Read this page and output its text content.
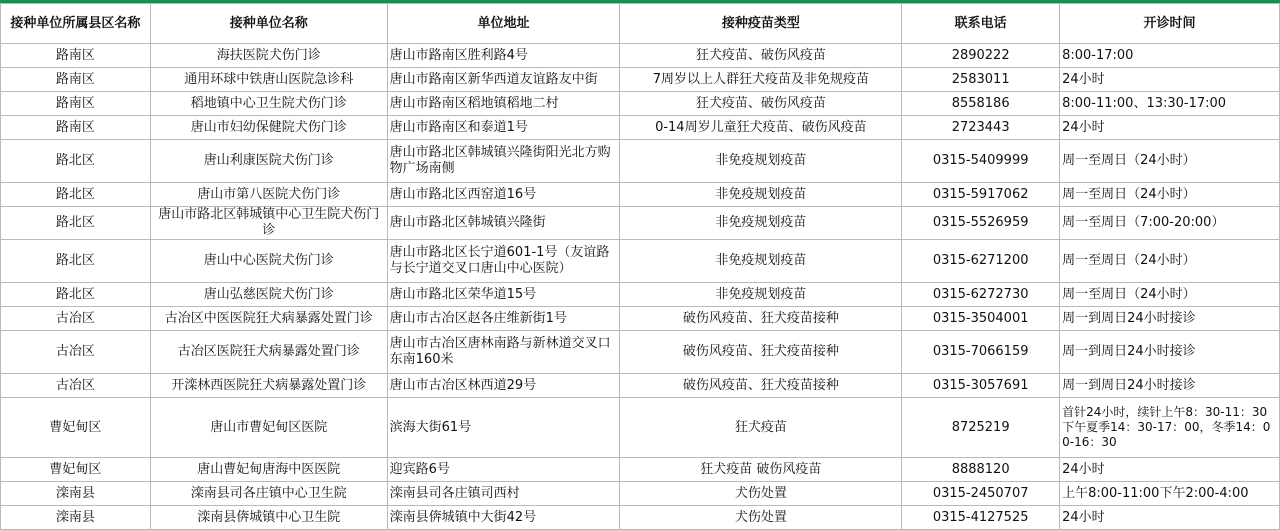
接种单位所属县区名称	接种单位名称	单位地址	接种疫苗类型	联系电话	开诊时间
路南区	海扶医院犬伤门诊	唐山市路南区胜利路4号	狂犬疫苗、破伤风疫苗	2890222	8:00-17:00
路南区	通用环球中铁唐山医院急诊科	唐山市路南区新华西道友谊路友中街	7周岁以上人群狂犬疫苗及非免规疫苗	2583011	24小时
路南区	稻地镇中心卫生院犬伤门诊	唐山市路南区稻地镇稻地二村	狂犬疫苗、破伤风疫苗	8558186	8:00-11:00、13:30-17:00
路南区	唐山市妇幼保健院犬伤门诊	唐山市路南区和泰道1号	0-14周岁儿童狂犬疫苗、破伤风疫苗	2723443	24小时
路北区	唐山利康医院犬伤门诊	唐山市路北区韩城镇兴隆街阳光北方购物广场南侧	非免疫规划疫苗	0315-5409999	周一至周日（24小时）
路北区	唐山市第八医院犬伤门诊	唐山市路北区西窑道16号	非免疫规划疫苗	0315-5917062	周一至周日（24小时）
路北区	唐山市路北区韩城镇中心卫生院犬伤门诊	唐山市路北区韩城镇兴隆街	非免疫规划疫苗	0315-5526959	周一至周日（7:00-20:00）
路北区	唐山中心医院犬伤门诊	唐山市路北区长宁道601-1号（友谊路与长宁道交叉口唐山中心医院）	非免疫规划疫苗	0315-6271200	周一至周日（24小时）
路北区	唐山弘慈医院犬伤门诊	唐山市路北区荣华道15号	非免疫规划疫苗	0315-6272730	周一至周日（24小时）
古冶区	古冶区中医医院狂犬病暴露处置门诊	唐山市古冶区赵各庄维新街1号	破伤风疫苗、狂犬疫苗接种	0315-3504001	周一到周日24小时接诊
古冶区	古冶区医院狂犬病暴露处置门诊	唐山市古冶区唐林南路与新林道交叉口东南160米	破伤风疫苗、狂犬疫苗接种	0315-7066159	周一到周日24小时接诊
古冶区	开滦林西医院狂犬病暴露处置门诊	唐山市古冶区林西道29号	破伤风疫苗、狂犬疫苗接种	0315-3057691	周一到周日24小时接诊
曹妃甸区	唐山市曹妃甸区医院	滨海大街61号	狂犬疫苗	8725219	首针24小时，续针上午8：30-11：30下午夏季14：30-17：00，冬季14：00-16：30
曹妃甸区	唐山曹妃甸唐海中医医院	迎宾路6号	狂犬疫苗 破伤风疫苗	8888120	24小时
滦南县	滦南县司各庄镇中心卫生院	滦南县司各庄镇司西村	犬伤处置	0315-2450707	上午8:00-11:00下午2:00-4:00
滦南县	滦南县倴城镇中心卫生院	滦南县倴城镇中大街42号	犬伤处置	0315-4127525	24小时
